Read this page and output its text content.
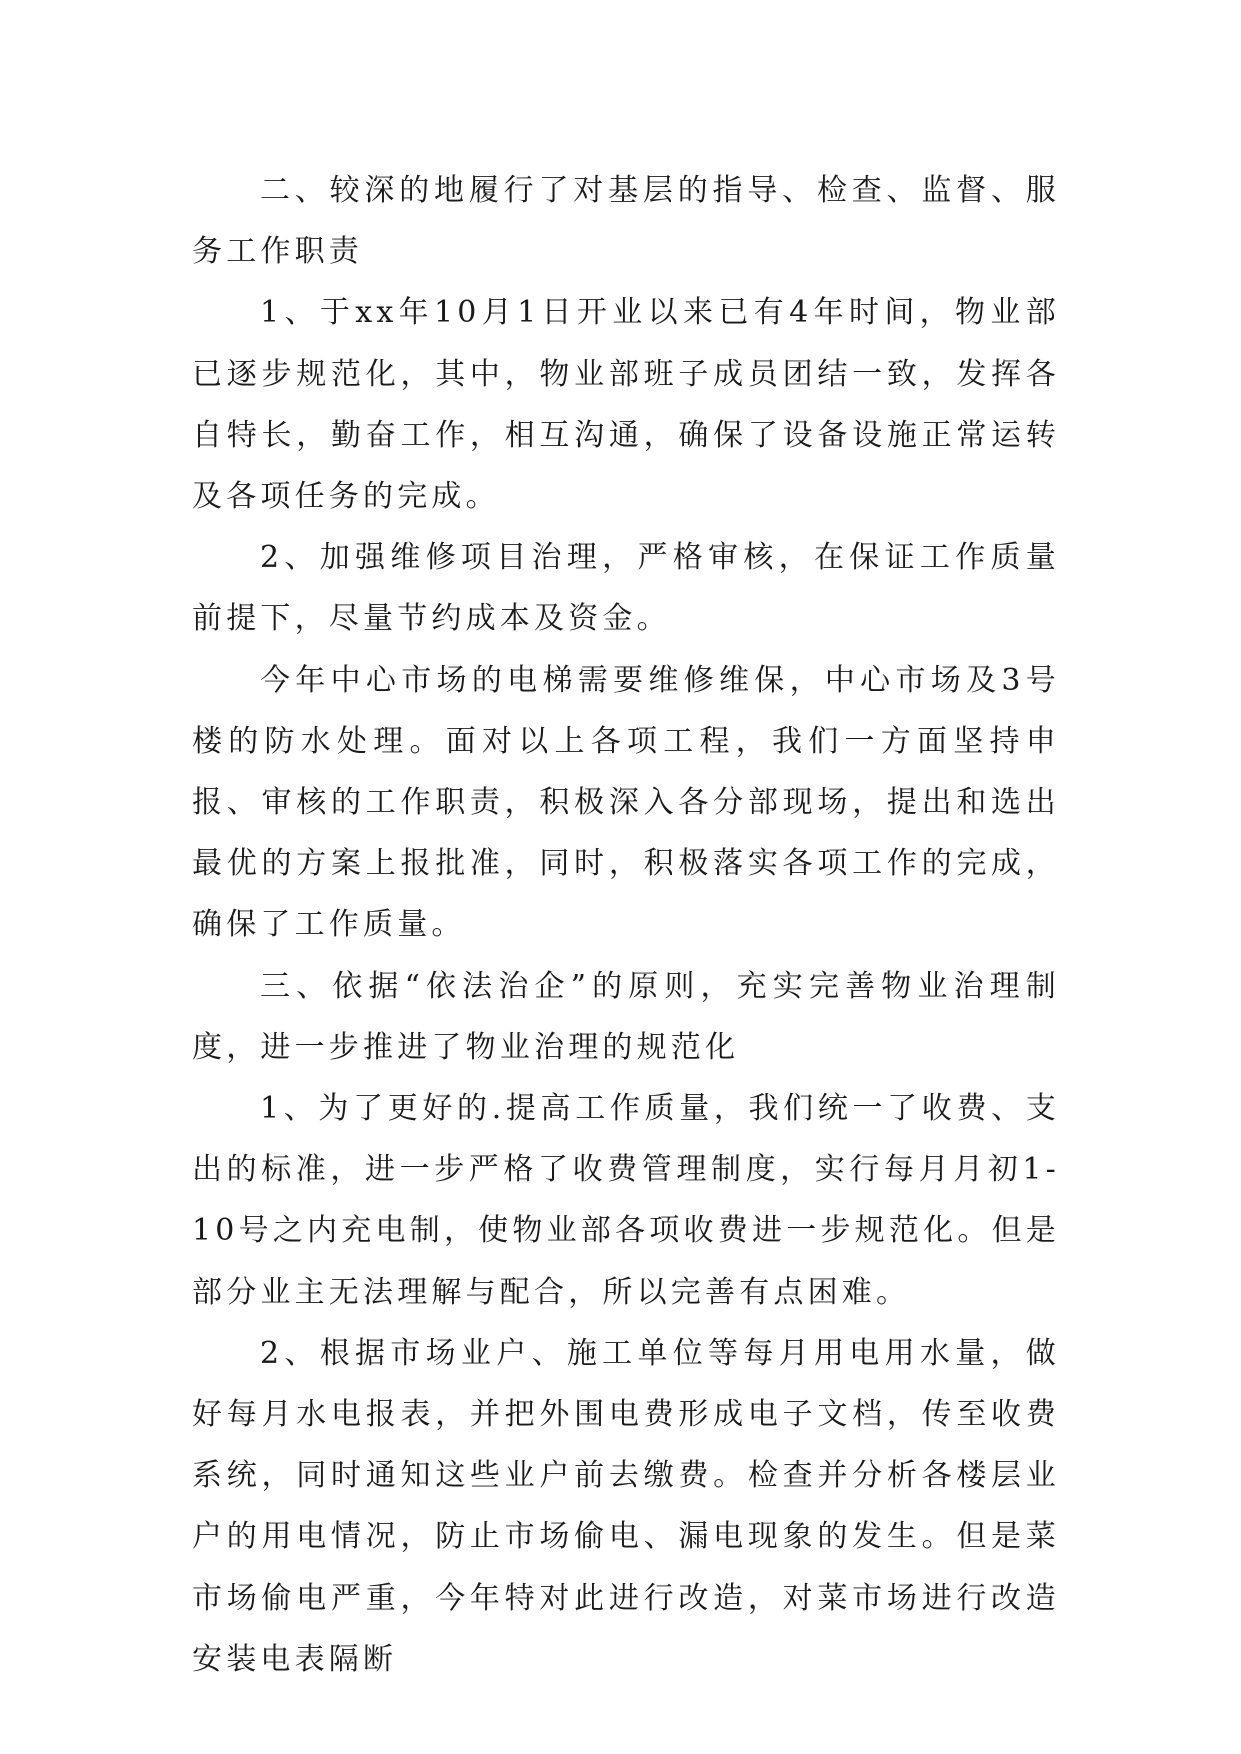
二、较深的地履行了对基层的指导、检查、监督、服务工作职责

1、于xx年10月1日开业以来已有4年时间，物业部已逐步规范化，其中，物业部班子成员团结一致，发挥各自特长，勤奋工作，相互沟通，确保了设备设施正常运转及各项任务的完成。

2、加强维修项目治理，严格审核，在保证工作质量前提下，尽量节约成本及资金。

今年中心市场的电梯需要维修维保，中心市场及3号楼的防水处理。面对以上各项工程，我们一方面坚持申报、审核的工作职责，积极深入各分部现场，提出和选出最优的方案上报批准，同时，积极落实各项工作的完成，确保了工作质量。

三、依据“依法治企”的原则，充实完善物业治理制度，进一步推进了物业治理的规范化

1、为了更好的.提高工作质量，我们统一了收费、支出的标准，进一步严格了收费管理制度，实行每月月初1-10号之内充电制，使物业部各项收费进一步规范化。但是部分业主无法理解与配合，所以完善有点困难。

2、根据市场业户、施工单位等每月用电用水量，做好每月水电报表，并把外围电费形成电子文档，传至收费系统，同时通知这些业户前去缴费。检查并分析各楼层业户的用电情况，防止市场偷电、漏电现象的发生。但是菜市场偷电严重，今年特对此进行改造，对菜市场进行改造安装电表隔断
